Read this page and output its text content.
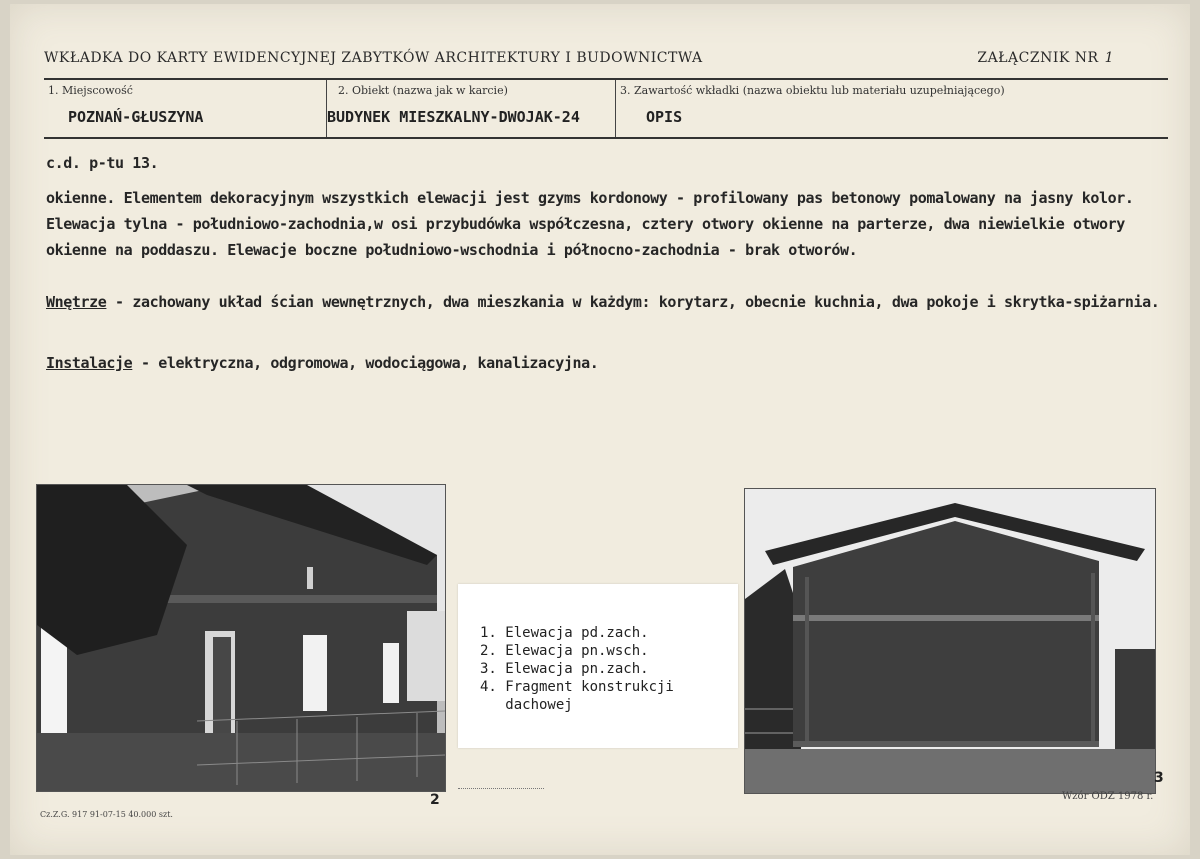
WKŁADKA DO KARTY EWIDENCYJNEJ ZABYTKÓW ARCHITEKTURY I BUDOWNICTWA	ZAŁĄCZNIK NR 1
1. Miejscowość
POZNAŃ-GŁUSZYNA
2. Obiekt (nazwa jak w karcie)
BUDYNEK MIESZKALNY-DWOJAK-24
3. Zawartość wkładki (nazwa obiektu lub materiału uzupełniającego)
OPIS
c.d. p-tu 13.
okienne. Elementem dekoracyjnym wszystkich elewacji jest gzyms kordonowy - profilowany pas betonowy pomalowany na jasny kolor. Elewacja tylna - południowo-zachodnia,w osi przybudówka współczesna, cztery otwory okienne na parterze, dwa niewielkie otwory okienne na poddaszu. Elewacje boczne południowo-wschodnia i północno-zachodnia - brak otworów.
Wnętrze - zachowany układ ścian wewnętrznych, dwa mieszkania w każdym: korytarz, obecnie kuchnia, dwa pokoje i skrytka-spiżarnia.
Instalacje - elektryczna, odgromowa, wodociągowa, kanalizacyjna.
2
1. Elewacja pd.zach.
2. Elewacja pn.wsch.
3. Elewacja pn.zach.
4. Fragment konstrukcji
dachowej
3
Cz.Z.G. 917 91-07-15 40.000 szt.
Wzór ODZ 1978 r.
